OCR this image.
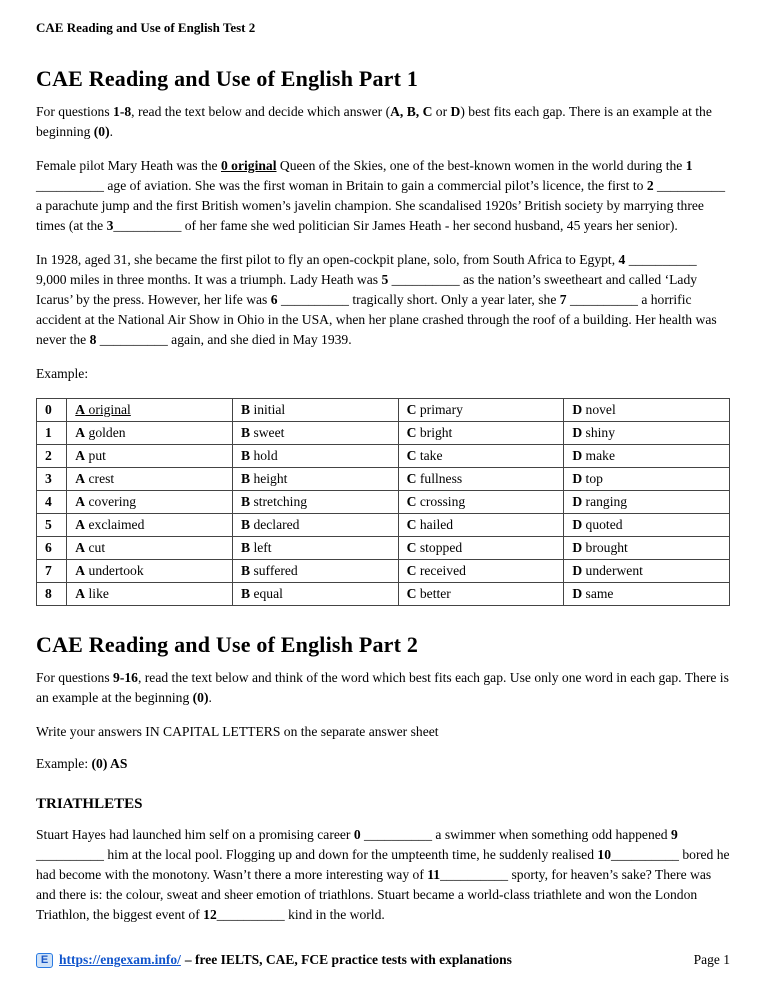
CAE Reading and Use of English Test 2
CAE Reading and Use of English Part 1

For questions 1-8, read the text below and decide which answer (A, B, C or D) best fits each gap. There is an example at the beginning (0).

Female pilot Mary Heath was the 0 original Queen of the Skies, one of the best-known women in the world during the 1 __________ age of aviation. She was the first woman in Britain to gain a commercial pilot’s licence, the first to 2 __________ a parachute jump and the first British women’s javelin champion. She scandalised 1920s’ British society by marrying three times (at the 3__________ of her fame she wed politician Sir James Heath - her second husband, 45 years her senior).

In 1928, aged 31, she became the first pilot to fly an open-cockpit plane, solo, from South Africa to Egypt, 4 __________ 9,000 miles in three months. It was a triumph. Lady Heath was 5 __________ as the nation’s sweetheart and called ‘Lady Icarus’ by the press. However, her life was 6 __________ tragically short. Only a year later, she 7 __________ a horrific accident at the National Air Show in Ohio in the USA, when her plane crashed through the roof of a building. Her health was never the 8 __________ again, and she died in May 1939.

Example:

0	A original	B initial	C primary	D novel
1	A golden	B sweet	C bright	D shiny
2	A put	B hold	C take	D make
3	A crest	B height	C fullness	D top
4	A covering	B stretching	C crossing	D ranging
5	A exclaimed	B declared	C hailed	D quoted
6	A cut	B left	C stopped	D brought
7	A undertook	B suffered	C received	D underwent
8	A like	B equal	C better	D same
CAE Reading and Use of English Part 2

For questions 9-16, read the text below and think of the word which best fits each gap. Use only one word in each gap. There is an example at the beginning (0).

Write your answers IN CAPITAL LETTERS on the separate answer sheet

Example: (0) AS

TRIATHLETES

Stuart Hayes had launched him self on a promising career 0 __________ a swimmer when something odd happened 9 __________ him at the local pool. Flogging up and down for the umpteenth time, he suddenly realised 10__________ bored he had become with the monotony. Wasn’t there a more interesting way of 11__________ sporty, for heaven’s sake? There was and there is: the colour, sweat and sheer emotion of triathlons. Stuart became a world-class triathlete and won the London Triathlon, the biggest event of 12__________ kind in the world.

E https://engexam.info/ – free IELTS, CAE, FCE practice tests with explanations	Page 1
